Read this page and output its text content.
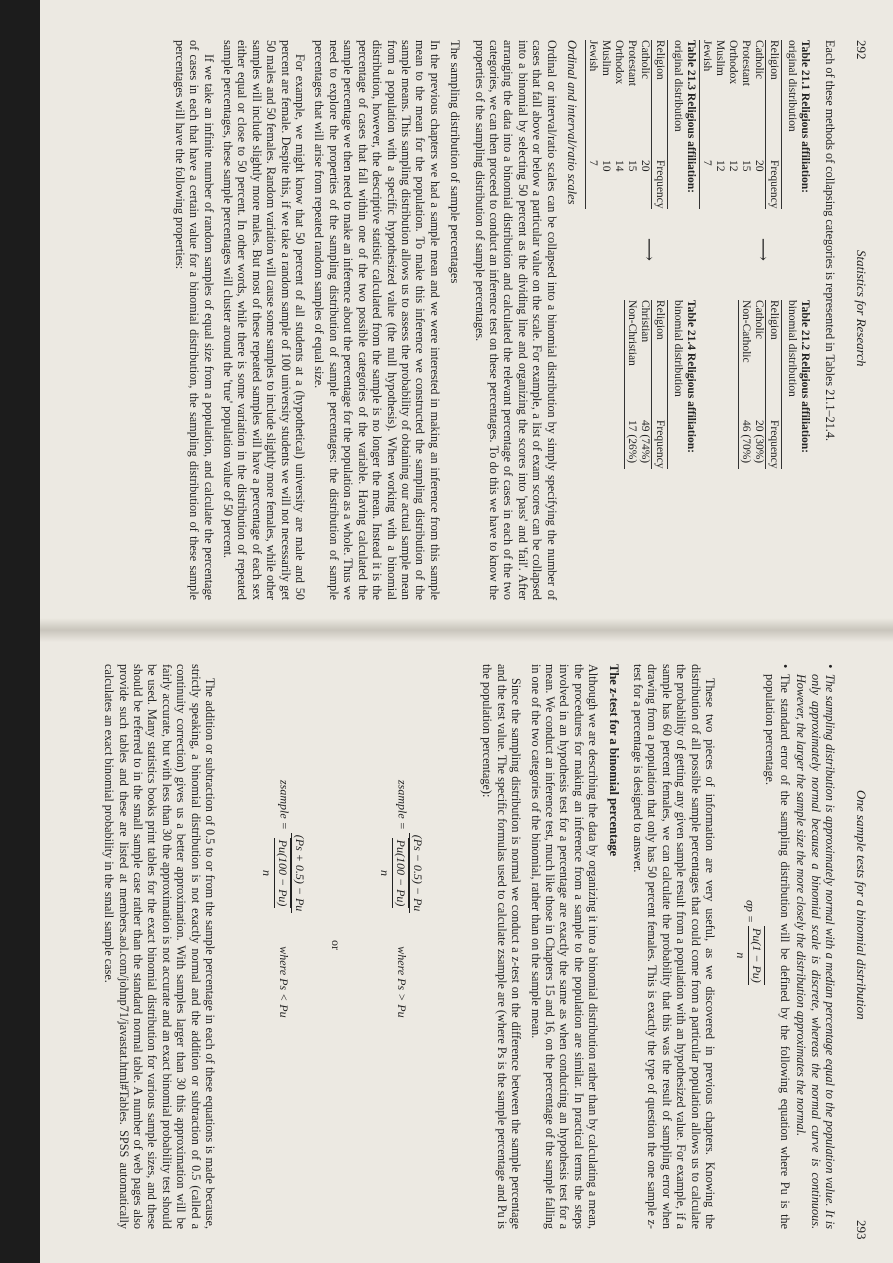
292
Statistics for Research

Each of these methods of collapsing categories is represented in Tables 21.1–21.4.

Table 21.1 Religious affiliation:
original distribution
Religion	Frequency
Catholic	20
Protestant	15
Orthodox	12
Muslim	12
Jewish	7
⟶
Table 21.2 Religious affiliation:
binomial distribution
Religion	Frequency
Catholic	20 (30%)
Non-Catholic	46 (70%)
Table 21.3 Religious affiliation:
original distribution
Religion	Frequency
Catholic	20
Protestant	15
Orthodox	14
Muslim	10
Jewish	7
⟶
Table 21.4 Religious affiliation:
binomial distribution
Religion	Frequency
Christian	49 (74%)
Non-Christian	17 (26%)
Ordinal and interval/ratio scales

Ordinal or interval/ratio scales can be collapsed into a binomial distribution by simply specifying the number of cases that fall above or below a particular value on the scale. For example, a list of exam scores can be collapsed into a binomial by selecting 50 percent as the dividing line and organizing the scores into 'pass' and 'fail'. After arranging the data into a binomial distribution and calculated the relevant percentage of cases in each of the two categories, we can then proceed to conduct an inference test on these percentages. To do this we have to know the properties of the sampling distribution of sample percentages.

The sampling distribution of sample percentages

In the previous chapters we had a sample mean and we were interested in making an inference from this sample mean to the mean for the population. To make this inference we constructed the sampling distribution of the sample means. This sampling distribution allows us to assess the probability of obtaining our actual sample mean from a population with a specific hypothesized value (the null hypothesis). When working with a binomial distribution, however, the descriptive statistic calculated from the sample is no longer the mean. Instead it is the percentage of cases that fall within one of the two possible categories of the variable. Having calculated the sample percentage we then need to make an inference about the percentage for the population as a whole. Thus we need to explore the properties of the sampling distribution of sample percentages: the distribution of sample percentages that will arise from repeated random samples of equal size.

For example, we might know that 50 percent of all students at a (hypothetical) university are male and 50 percent are female. Despite this, if we take a random sample of 100 university students we will not necessarily get 50 males and 50 females. Random variation will cause some samples to include slightly more females, while other samples will include slightly more males. But most of these repeated samples will have a percentage of each sex either equal or close to 50 percent. In other words, while there is some variation in the distribution of repeated sample percentages, these sample percentages will cluster around the 'true' population value of 50 percent.

If we take an infinite number of random samples of equal size from a population, and calculate the percentage of cases in each that have a certain value for a binomial distribution, the sampling distribution of these sample percentages will have the following properties:

One sample tests for a binomial distribution
293
• The sampling distribution is approximately normal with a median percentage equal to the population value. It is only approximately normal because a binomial scale is discrete, whereas the normal curve is continuous. However, the larger the sample size the more closely the distribution approximates the normal.
• The standard error of the sampling distribution will be defined by the following equation where Pu is the population percentage.
σp =
Pu(1 − Pu)
n

These two pieces of information are very useful, as we discovered in previous chapters. Knowing the distribution of all possible sample percentages that could come from a particular population allows us to calculate the probability of getting any given sample result from a population with an hypothesized value. For example, if a sample has 60 percent females, we can calculate the probability that this was the result of sampling error when drawing from a population that only has 50 percent females. This is exactly the type of question the one sample z-test for a percentage is designed to answer.

The z-test for a binomial percentage

Although we are describing the data by organizing it into a binomial distribution rather than by calculating a mean, the procedures for making an inference from a sample to the population are similar. In practical terms the steps involved in an hypothesis test for a percentage are exactly the same as when conducting an hypothesis test for a mean. We conduct an inference test, much like those in Chapters 15 and 16, on the percentage of the sample falling in one of the two categories of the binomial, rather than on the sample mean.

Since the sampling distribution is normal we conduct a z-test on the difference between the sample percentage and the test value. The specific formulas used to calculate zsample are (where Ps is the sample percentage and Pu is the population percentage):

zsample =
(Ps − 0.5) − Pu
Pu(100 − Pu)
n
where Ps > Pu
or
zsample =
(Ps + 0.5) − Pu
Pu(100 − Pu)
n
where Ps < Pu

The addition or subtraction of 0.5 to or from the sample percentage in each of these equations is made because, strictly speaking, a binomial distribution is not exactly normal and the addition or subtraction of 0.5 (called a continuity correction) gives us a better approximation. With samples larger than 30 this approximation will be fairly accurate, but with less than 30 the approximation is not accurate and an exact binomial probability test should be used. Many statistics books print tables for the exact binomial distribution for various sample sizes, and these should be referred to in the small sample case rather than the standard normal table. A number of web pages also provide such tables and these are listed at members.aol.com/johnp71/javastat.html#Tables. SPSS automatically calculates an exact binomial probability in the small sample case.
